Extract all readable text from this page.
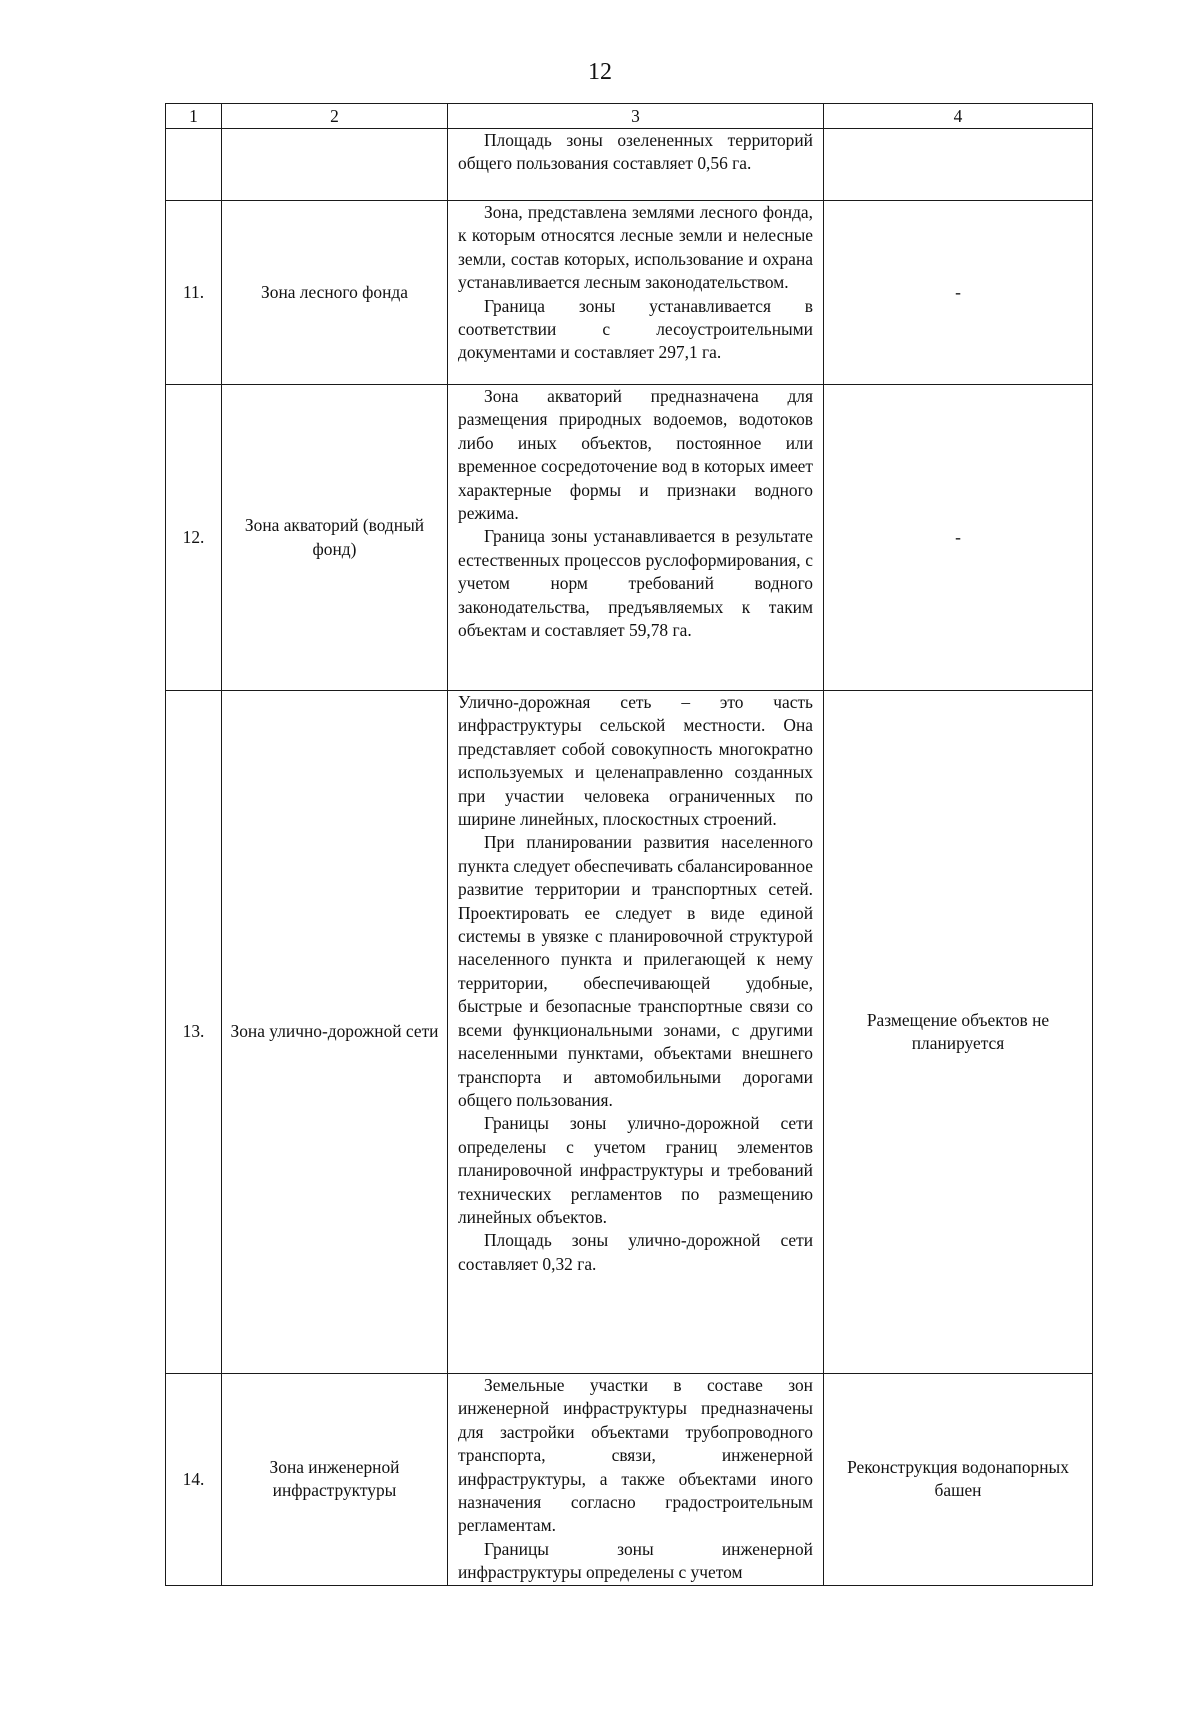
12
1	2	3	4

		Площадь зоны озелененных территорий общего пользования составляет 0,56 га.	

11.	Зона лесного фонда	Зона, представлена землями лесного фонда, к которым относятся лесные земли и нелесные земли, состав которых, использование и охрана устанавливается лесным законодательством.

Граница зоны устанавливается в соответствии с лесоустроительными документами и составляет 297,1 га.	-
12.	Зона акваторий (водный фонд)	Зона акваторий предназначена для размещения природных водоемов, водотоков либо иных объектов, постоянное или временное сосредоточение вод в которых имеет характерные формы и признаки водного режима.

Граница зоны устанавливается в результате естественных процессов руслоформирования, с учетом норм требований водного законодательства, предъявляемых к таким объектам и составляет 59,78 га.	-
13.	Зона улично-дорожной сети	Улично-дорожная сеть – это часть инфраструктуры сельской местности. Она представляет собой совокупность многократно используемых и целенаправленно созданных при участии человека ограниченных по ширине линейных, плоскостных строений.

При планировании развития населенного пункта следует обеспечивать сбалансированное развитие территории и транспортных сетей. Проектировать ее следует в виде единой системы в увязке с планировочной структурой населенного пункта и прилегающей к нему территории, обеспечивающей удобные, быстрые и безопасные транспортные связи со всеми функциональными зонами, с другими населенными пунктами, объектами внешнего транспорта и автомобильными дорогами общего пользования.

Границы зоны улично-дорожной сети определены с учетом границ элементов планировочной инфраструктуры и требований технических регламентов по размещению линейных объектов.

Площадь зоны улично-дорожной сети составляет 0,32 га.	Размещение объектов не планируется
14.	Зона инженерной инфраструктуры	Земельные участки в составе зон инженерной инфраструктуры предназначены для застройки объектами трубопроводного транспорта, связи, инженерной инфраструктуры, а также объектами иного назначения согласно градостроительным регламентам.

Границы зоны инженерной инфраструктуры определены с учетом	Реконструкция водонапорных башен
